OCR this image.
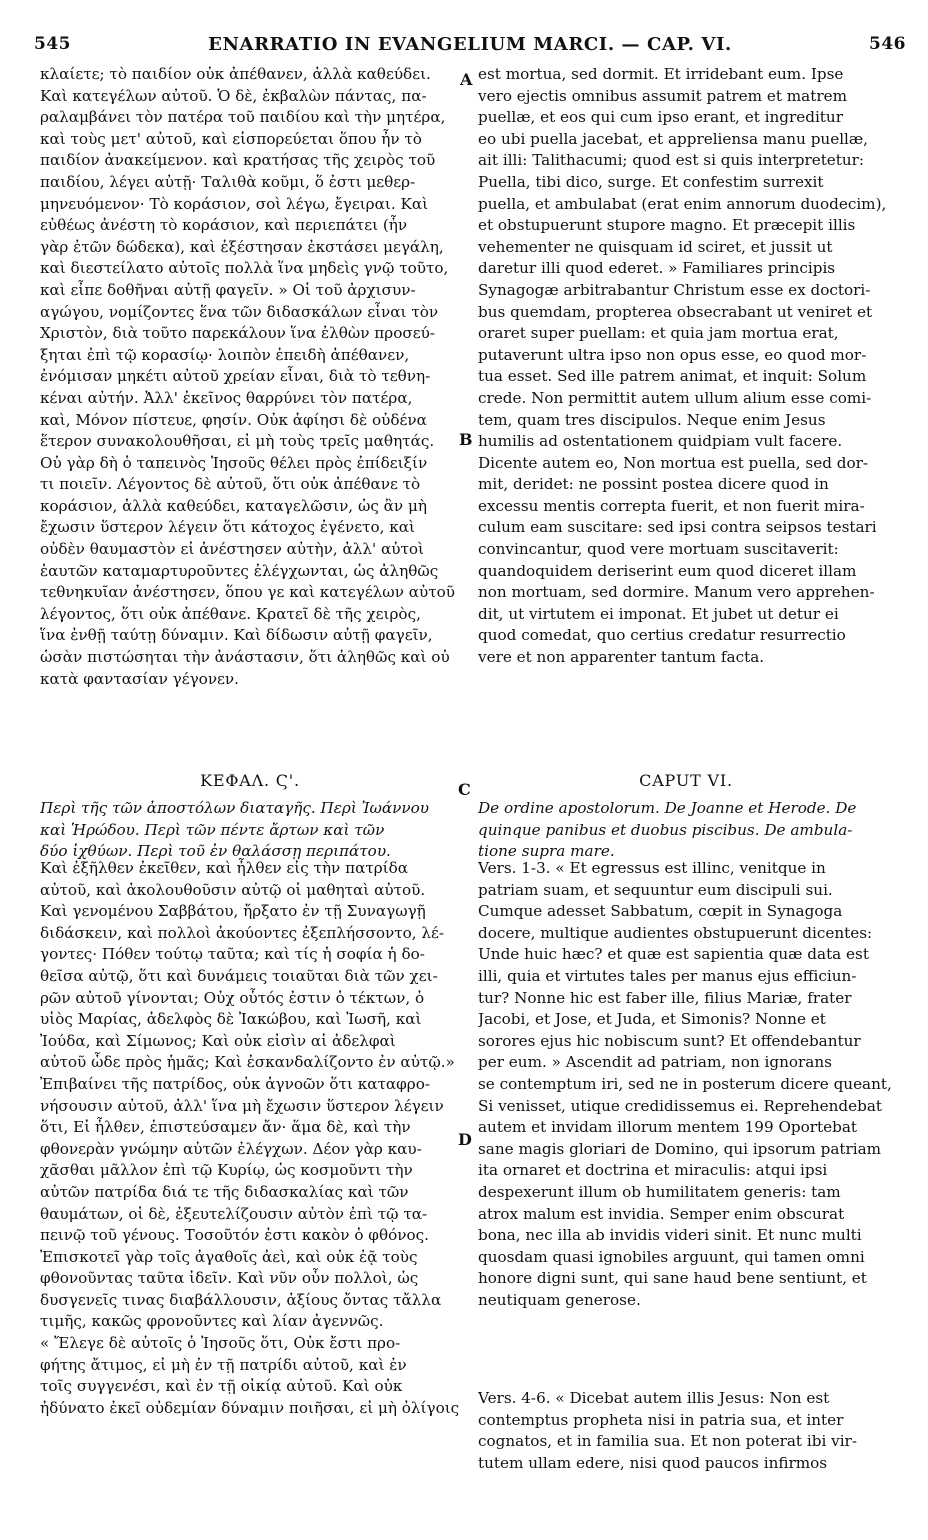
545	ENARRATIO IN EVANGELIUM MARCI. — CAP. VI.	546
A
B
C
D
κλαίετε; τὸ παιδίον οὐκ ἀπέθανεν, ἀλλὰ καθεύδει.
Καὶ κατεγέλων αὐτοῦ. Ὁ δὲ, ἐκβαλὼν πάντας, πα-
ραλαμβάνει τὸν πατέρα τοῦ παιδίου καὶ τὴν μητέρα,
καὶ τοὺς μετ' αὐτοῦ, καὶ εἰσπορεύεται ὅπου ἦν τὸ
παιδίον ἀνακείμενον. καὶ κρατήσας τῆς χειρὸς τοῦ
παιδίου, λέγει αὐτῇ· Ταλιθὰ κοῦμι, ὅ ἐστι μεθερ-
μηνευόμενον· Τὸ κοράσιον, σοὶ λέγω, ἔγειραι. Καὶ
εὐθέως ἀνέστη τὸ κοράσιον, καὶ περιεπάτει (ἦν
γὰρ ἐτῶν δώδεκα), καὶ ἐξέστησαν ἐκστάσει μεγάλη,
καὶ διεστείλατο αὐτοῖς πολλὰ ἵνα μηδεὶς γνῷ τοῦτο,
καὶ εἶπε δοθῆναι αὐτῇ φαγεῖν. » Οἱ τοῦ ἀρχισυν-
αγώγου, νομίζοντες ἕνα τῶν διδασκάλων εἶναι τὸν
Χριστὸν, διὰ τοῦτο παρεκάλουν ἵνα ἐλθὼν προσεύ-
ξηται ἐπὶ τῷ κορασίῳ· λοιπὸν ἐπειδὴ ἀπέθανεν,
ἐνόμισαν μηκέτι αὐτοῦ χρείαν εἶναι, διὰ τὸ τεθνη-
κέναι αὐτήν. Ἀλλ' ἐκεῖνος θαρρύνει τὸν πατέρα,
καὶ, Μόνον πίστευε, φησίν. Οὐκ ἀφίησι δὲ οὐδένα
ἕτερον συνακολουθῆσαι, εἰ μὴ τοὺς τρεῖς μαθητάς.
Οὐ γὰρ δὴ ὁ ταπεινὸς Ἰησοῦς θέλει πρὸς ἐπίδειξίν
τι ποιεῖν. Λέγοντος δὲ αὐτοῦ, ὅτι οὐκ ἀπέθανε τὸ
κοράσιον, ἀλλὰ καθεύδει, καταγελῶσιν, ὡς ἂν μὴ
ἔχωσιν ὕστερον λέγειν ὅτι κάτοχος ἐγένετο, καὶ
οὐδὲν θαυμαστὸν εἰ ἀνέστησεν αὐτὴν, ἀλλ' αὐτοὶ
ἑαυτῶν καταμαρτυροῦντες ἐλέγχωνται, ὡς ἀληθῶς
τεθνηκυῖαν ἀνέστησεν, ὅπου γε καὶ κατεγέλων αὐτοῦ
λέγοντος, ὅτι οὐκ ἀπέθανε. Κρατεῖ δὲ τῆς χειρὸς,
ἵνα ἐνθῇ ταύτῃ δύναμιν. Καὶ δίδωσιν αὐτῇ φαγεῖν,
ὡσὰν πιστώσηται τὴν ἀνάστασιν, ὅτι ἀληθῶς καὶ οὐ
κατὰ φαντασίαν γέγονεν.
ΚΕΦΑΛ. Ϛ'.
Περὶ τῆς τῶν ἀποστόλων διαταγῆς. Περὶ Ἰωάννου
καὶ Ἡρώδου. Περὶ τῶν πέντε ἄρτων καὶ τῶν
δύο ἰχθύων. Περὶ τοῦ ἐν θαλάσσῃ περιπάτου.
Καὶ ἐξῆλθεν ἐκεῖθεν, καὶ ἦλθεν εἰς τὴν πατρίδα
αὐτοῦ, καὶ ἀκολουθοῦσιν αὐτῷ οἱ μαθηταὶ αὐτοῦ.
Καὶ γενομένου Σαββάτου, ἤρξατο ἐν τῇ Συναγωγῇ
διδάσκειν, καὶ πολλοὶ ἀκούοντες ἐξεπλήσσοντο, λέ-
γοντες· Πόθεν τούτῳ ταῦτα; καὶ τίς ἡ σοφία ἡ δο-
θεῖσα αὐτῷ, ὅτι καὶ δυνάμεις τοιαῦται διὰ τῶν χει-
ρῶν αὐτοῦ γίνονται; Οὐχ οὗτός ἐστιν ὁ τέκτων, ὁ
υἱὸς Μαρίας, ἀδελφὸς δὲ Ἰακώβου, καὶ Ἰωσῆ, καὶ
Ἰούδα, καὶ Σίμωνος; Καὶ οὐκ εἰσὶν αἱ ἀδελφαὶ
αὐτοῦ ὧδε πρὸς ἡμᾶς; Καὶ ἐσκανδαλίζοντο ἐν αὐτῷ.»
Ἐπιβαίνει τῆς πατρίδος, οὐκ ἀγνοῶν ὅτι καταφρο-
νήσουσιν αὐτοῦ, ἀλλ' ἵνα μὴ ἔχωσιν ὕστερον λέγειν
ὅτι, Εἰ ἦλθεν, ἐπιστεύσαμεν ἄν· ἅμα δὲ, καὶ τὴν
φθονερὰν γνώμην αὐτῶν ἐλέγχων. Δέον γὰρ καυ-
χᾶσθαι μᾶλλον ἐπὶ τῷ Κυρίῳ, ὡς κοσμοῦντι τὴν
αὐτῶν πατρίδα διά τε τῆς διδασκαλίας καὶ τῶν
θαυμάτων, οἱ δὲ, ἐξευτελίζουσιν αὐτὸν ἐπὶ τῷ τα-
πεινῷ τοῦ γένους. Τοσοῦτόν ἐστι κακὸν ὁ φθόνος.
Ἐπισκοτεῖ γὰρ τοῖς ἀγαθοῖς ἀεὶ, καὶ οὐκ ἐᾷ τοὺς
φθονοῦντας ταῦτα ἰδεῖν. Καὶ νῦν οὖν πολλοὶ, ὡς
δυσγενεῖς τινας διαβάλλουσιν, ἀξίους ὄντας τἄλλα
τιμῆς, κακῶς φρονοῦντες καὶ λίαν ἀγεννῶς.
« Ἔλεγε δὲ αὐτοῖς ὁ Ἰησοῦς ὅτι, Οὐκ ἔστι προ-
φήτης ἄτιμος, εἰ μὴ ἐν τῇ πατρίδι αὐτοῦ, καὶ ἐν
τοῖς συγγενέσι, καὶ ἐν τῇ οἰκίᾳ αὐτοῦ. Καὶ οὐκ
ἠδύνατο ἐκεῖ οὐδεμίαν δύναμιν ποιῆσαι, εἰ μὴ ὀλίγοις
est mortua, sed dormit. Et irridebant eum. Ipse
vero ejectis omnibus assumit patrem et matrem
puellæ, et eos qui cum ipso erant, et ingreditur
eo ubi puella jacebat, et appreliensa manu puellæ,
ait illi: Talithacumi; quod est si quis interpretetur:
Puella, tibi dico, surge. Et confestim surrexit
puella, et ambulabat (erat enim annorum duodecim),
et obstupuerunt stupore magno. Et præcepit illis
vehementer ne quisquam id sciret, et jussit ut
daretur illi quod ederet. » Familiares principis
Synagogæ arbitrabantur Christum esse ex doctori-
bus quemdam, propterea obsecrabant ut veniret et
oraret super puellam: et quia jam mortua erat,
putaverunt ultra ipso non opus esse, eo quod mor-
tua esset. Sed ille patrem animat, et inquit: Solum
crede. Non permittit autem ullum alium esse comi-
tem, quam tres discipulos. Neque enim Jesus
humilis ad ostentationem quidpiam vult facere.
Dicente autem eo, Non mortua est puella, sed dor-
mit, deridet: ne possint postea dicere quod in
excessu mentis correpta fuerit, et non fuerit mira-
culum eam suscitare: sed ipsi contra seipsos testari
convincantur, quod vere mortuam suscitaverit:
quandoquidem deriserint eum quod diceret illam
non mortuam, sed dormire. Manum vero apprehen-
dit, ut virtutem ei imponat. Et jubet ut detur ei
quod comedat, quo certius credatur resurrectio
vere et non apparenter tantum facta.
CAPUT VI.
De ordine apostolorum. De Joanne et Herode. De
quinque panibus et duobus piscibus. De ambula-
tione supra mare.
Vers. 1-3. « Et egressus est illinc, venitque in
patriam suam, et sequuntur eum discipuli sui.
Cumque adesset Sabbatum, cœpit in Synagoga
docere, multique audientes obstupuerunt dicentes:
Unde huic hæc? et quæ est sapientia quæ data est
illi, quia et virtutes tales per manus ejus efficiun-
tur? Nonne hic est faber ille, filius Mariæ, frater
Jacobi, et Jose, et Juda, et Simonis? Nonne et
sorores ejus hic nobiscum sunt? Et offendebantur
per eum. » Ascendit ad patriam, non ignorans
se contemptum iri, sed ne in posterum dicere queant,
Si venisset, utique credidissemus ei. Reprehendebat
autem et invidam illorum mentem 199 Oportebat
sane magis gloriari de Domino, qui ipsorum patriam
ita ornaret et doctrina et miraculis: atqui ipsi
despexerunt illum ob humilitatem generis: tam
atrox malum est invidia. Semper enim obscurat
bona, nec illa ab invidis videri sinit. Et nunc multi
quosdam quasi ignobiles arguunt, qui tamen omni
honore digni sunt, qui sane haud bene sentiunt, et
neutiquam generose.
Vers. 4-6. « Dicebat autem illis Jesus: Non est
contemptus propheta nisi in patria sua, et inter
cognatos, et in familia sua. Et non poterat ibi vir-
tutem ullam edere, nisi quod paucos infirmos
